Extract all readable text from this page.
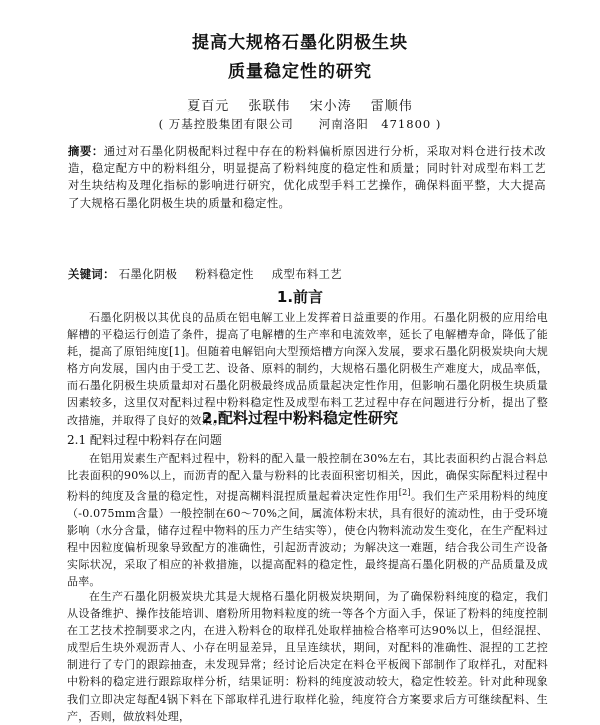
提高大规格石墨化阴极生块
质量稳定性的研究
夏百元 张联伟 宋小涛 雷顺伟
( 万基控股集团有限公司　　河南洛阳　471800 )
摘要：通过对石墨化阴极配料过程中存在的粉料偏析原因进行分析，采取对料仓进行技术改造，稳定配方中的粉料组分，明显提高了粉料纯度的稳定性和质量；同时针对成型布料工艺对生块结构及理化指标的影响进行研究，优化成型手料工艺操作，确保料面平整，大大提高了大规格石墨化阴极生块的质量和稳定性。
关键词： 石墨化阴极 粉料稳定性 成型布料工艺
1.前言
石墨化阴极以其优良的品质在铝电解工业上发挥着日益重要的作用。石墨化阴极的应用给电解槽的平稳运行创造了条件，提高了电解槽的生产率和电流效率，延长了电解槽寿命，降低了能耗，提高了原铝纯度[1]。但随着电解铝向大型预焙槽方向深入发展，要求石墨化阴极炭块向大规格方向发展，国内由于受工艺、设备、原料的制约，大规格石墨化阴极生产难度大，成品率低，而石墨化阴极生块质量却对石墨化阴极最终成品质量起决定性作用，但影响石墨化阴极生块质量因素较多，这里仅对配料过程中粉料稳定性及成型布料工艺过程中存在问题进行分析，提出了整改措施，并取得了良好的效果。
2.配料过程中粉料稳定性研究
2.1 配料过程中粉料存在问题
在铝用炭素生产配料过程中，粉料的配入量一般控制在30%左右，其比表面积约占混合料总比表面积的90%以上，而沥青的配入量与粉料的比表面积密切相关，因此，确保实际配料过程中粉料的纯度及含量的稳定性，对提高糊料混捏质量起着决定性作用[2]。我们生产采用粉料的纯度（-0.075mm含量）一般控制在60～70%之间，属流体粉末状，具有很好的流动性，由于受环境影响（水分含量，储存过程中物料的压力产生结实等），使仓内物料流动发生变化，在生产配料过程中因粒度偏析现象导致配方的准确性，引起沥青波动；为解决这一难题，结合我公司生产设备实际状况，采取了相应的补救措施，以提高配料的稳定性，最终提高石墨化阴极的产品质量及成品率。
在生产石墨化阴极炭块尤其是大规格石墨化阴极炭块期间，为了确保粉料纯度的稳定，我们从设备维护、操作技能培训、磨粉所用物料粒度的统一等各个方面入手，保证了粉料的纯度控制在工艺技术控制要求之内，在进入粉料仓的取样孔处取样抽检合格率可达90%以上，但经混捏、成型后生块外观沥青人、小存在明显差异，且呈连续状，期间，对配料的准确性、混捏的工艺控制进行了专门的跟踪抽查，未发现异常；经讨论后决定在料仓平板阀下部制作了取样孔，对配料中粉料的稳定进行跟踪取样分析，结果证明：粉料的纯度波动较大，稳定性较差。针对此种现象我们立即决定每配4锅下料在下部取样孔进行取样化验，纯度符合方案要求后方可继续配料、生产，否则，做放料处理，
